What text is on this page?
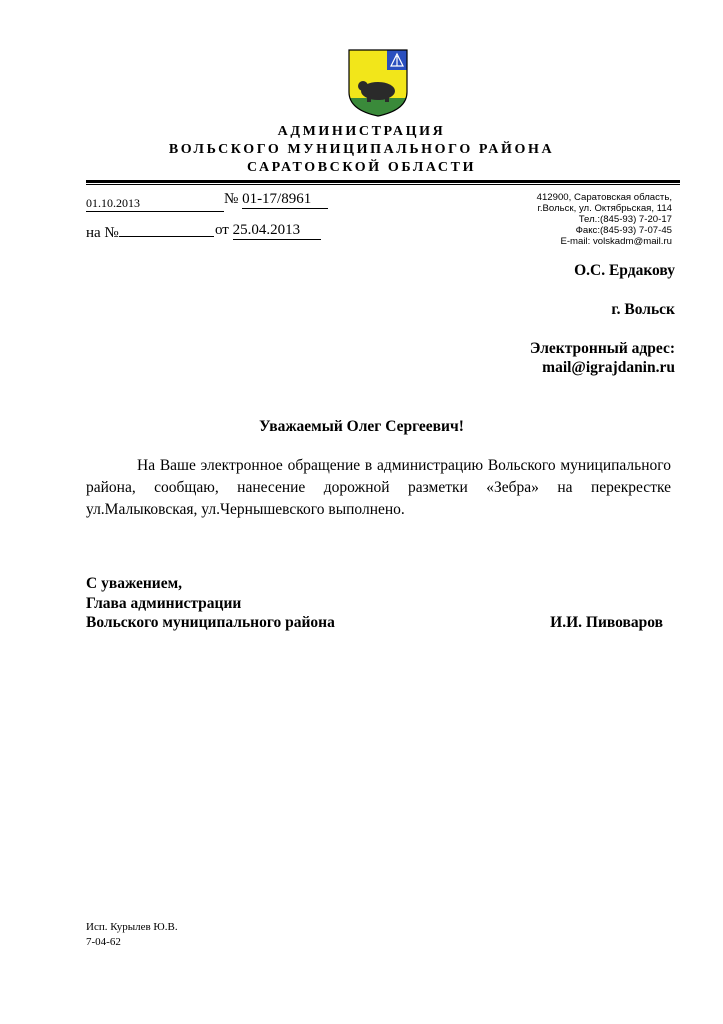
АДМИНИСТРАЦИЯ
ВОЛЬСКОГО МУНИЦИПАЛЬНОГО РАЙОНА
САРАТОВСКОЙ ОБЛАСТИ
01.10.2013	№ 01-17/8961
на №	от 25.04.2013
412900, Саратовская область,
г.Вольск, ул. Октябрьская, 114
Тел.:(845-93) 7-20-17
Факс:(845-93) 7-07-45
E-mail: volskadm@mail.ru
О.С. Ердакову
г. Вольск
Электронный адрес:
mail@igrajdanin.ru
Уважаемый Олег Сергеевич!
На Ваше электронное обращение в администрацию Вольского муниципального района, сообщаю, нанесение дорожной разметки «Зебра» на перекрестке ул.Малыковская, ул.Чернышевского выполнено.
С уважением,
Глава администрации
Вольского муниципального района	И.И. Пивоваров
Исп. Курылев Ю.В.
7-04-62
